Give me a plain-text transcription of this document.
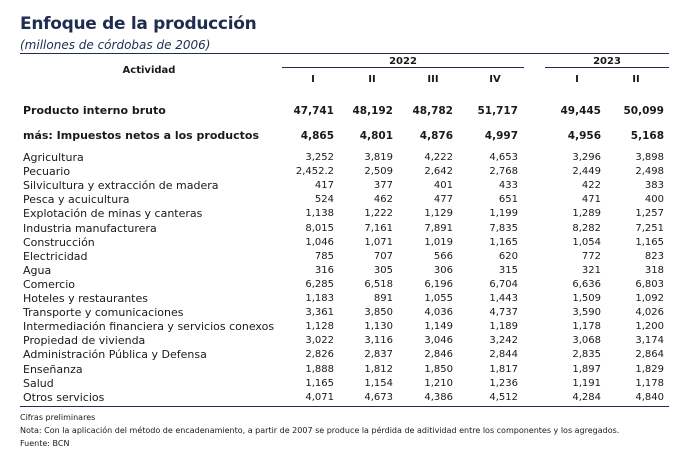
Enfoque de la producción
(millones de córdobas de 2006)
Actividad
2022	2023
I	II	III	IV	I	II
Producto interno bruto	47,741	48,192	48,782	51,717	49,445	50,099
más: Impuestos netos a los productos	4,865	4,801	4,876	4,997	4,956	5,168
Agricultura	3,252	3,819	4,222	4,653	3,296	3,898
Pecuario	2,452.2	2,509	2,642	2,768	2,449	2,498
Silvicultura y extracción de madera	417	377	401	433	422	383
Pesca y acuicultura	524	462	477	651	471	400
Explotación de minas y canteras	1,138	1,222	1,129	1,199	1,289	1,257
Industria manufacturera	8,015	7,161	7,891	7,835	8,282	7,251
Construcción	1,046	1,071	1,019	1,165	1,054	1,165
Electricidad	785	707	566	620	772	823
Agua	316	305	306	315	321	318
Comercio	6,285	6,518	6,196	6,704	6,636	6,803
Hoteles y restaurantes	1,183	891	1,055	1,443	1,509	1,092
Transporte y comunicaciones	3,361	3,850	4,036	4,737	3,590	4,026
Intermediación financiera y servicios conexos	1,128	1,130	1,149	1,189	1,178	1,200
Propiedad de vivienda	3,022	3,116	3,046	3,242	3,068	3,174
Administración Pública y Defensa	2,826	2,837	2,846	2,844	2,835	2,864
Enseñanza	1,888	1,812	1,850	1,817	1,897	1,829
Salud	1,165	1,154	1,210	1,236	1,191	1,178
Otros servicios	4,071	4,673	4,386	4,512	4,284	4,840
Cifras preliminares
Nota: Con la aplicación del método de encadenamiento, a partir de 2007 se produce la pérdida de aditividad entre los componentes y los agregados.
Fuente: BCN
